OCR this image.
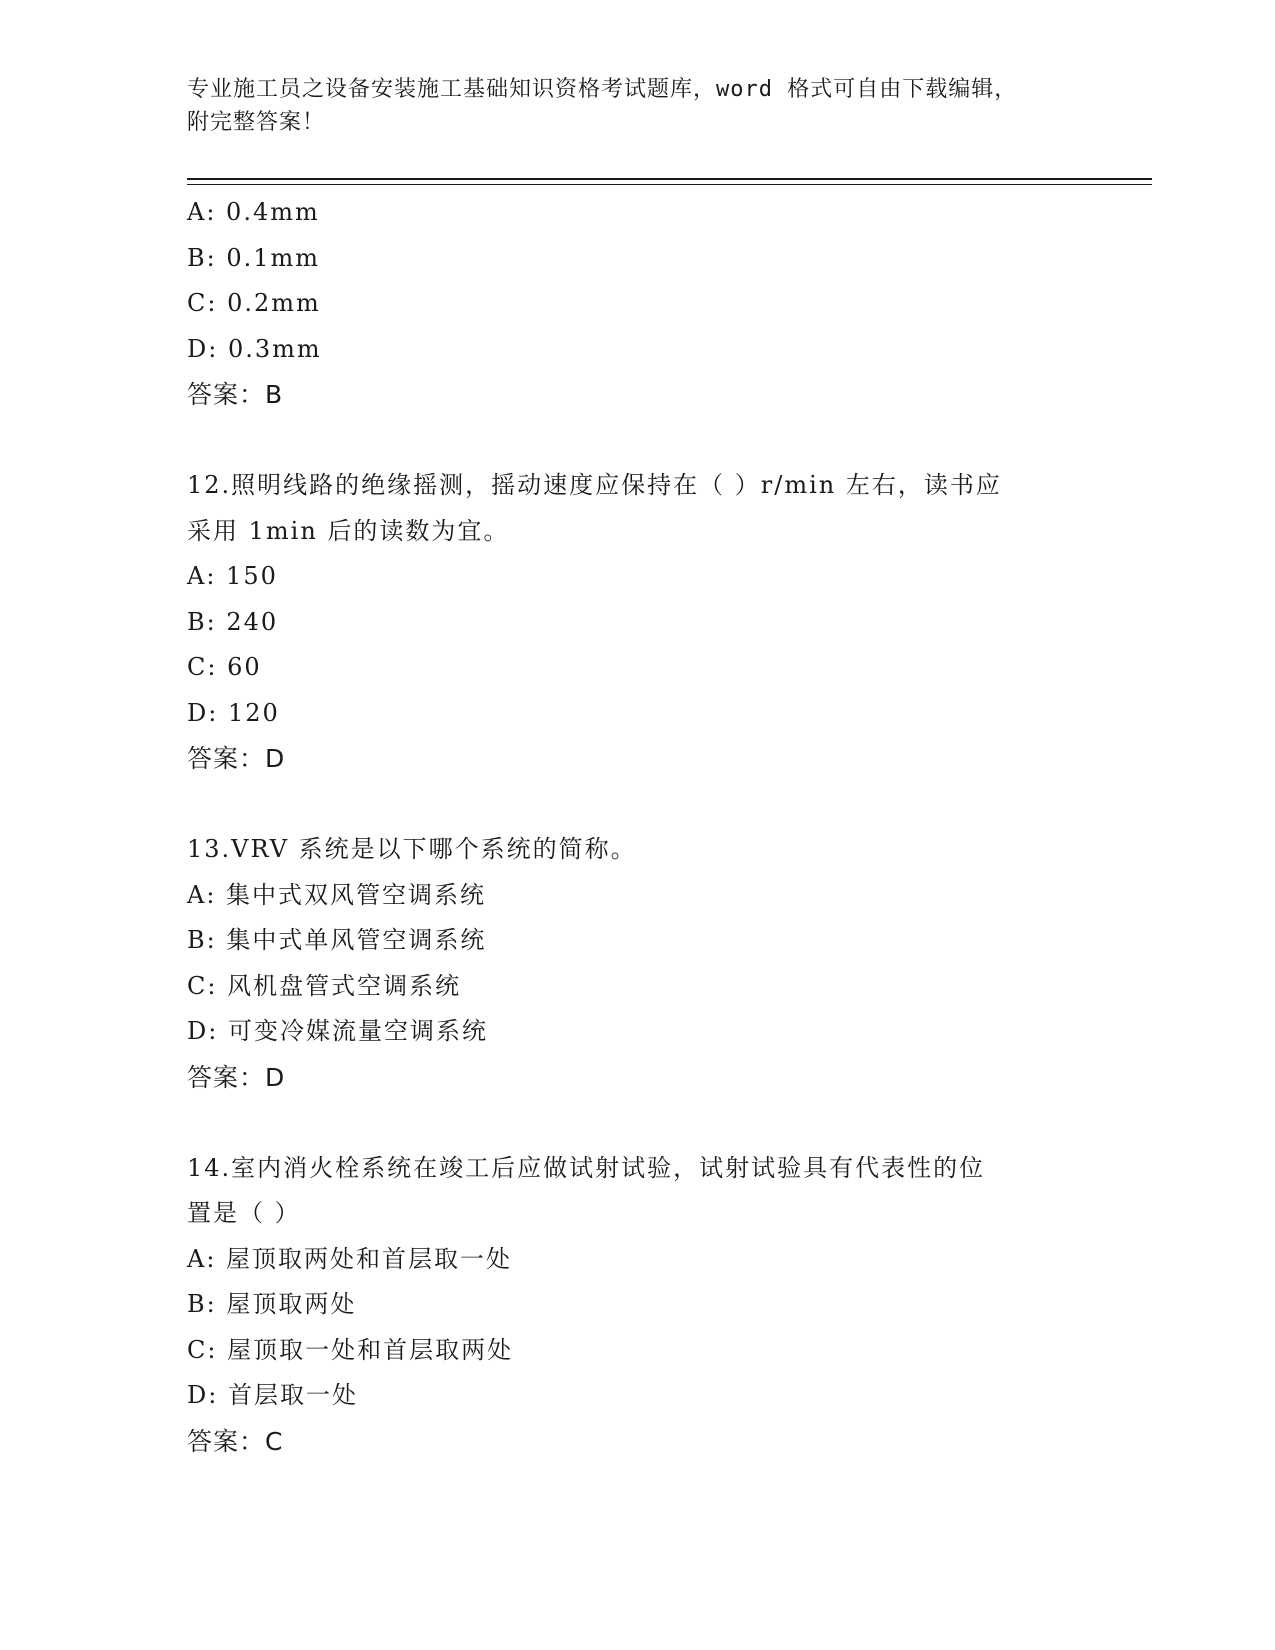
专业施工员之设备安装施工基础知识资格考试题库，word 格式可自由下载编辑，
附完整答案！
A: 0.4mm
B: 0.1mm
C: 0.2mm
D: 0.3mm
答案：B
12.照明线路的绝缘摇测，摇动速度应保持在（ ）r/min 左右，读书应
采用 1min 后的读数为宜。
A: 150
B: 240
C: 60
D: 120
答案：D
13.VRV 系统是以下哪个系统的简称。
A: 集中式双风管空调系统
B: 集中式单风管空调系统
C: 风机盘管式空调系统
D: 可变冷媒流量空调系统
答案：D
14.室内消火栓系统在竣工后应做试射试验，试射试验具有代表性的位
置是（ ）
A: 屋顶取两处和首层取一处
B: 屋顶取两处
C: 屋顶取一处和首层取两处
D: 首层取一处
答案：C
